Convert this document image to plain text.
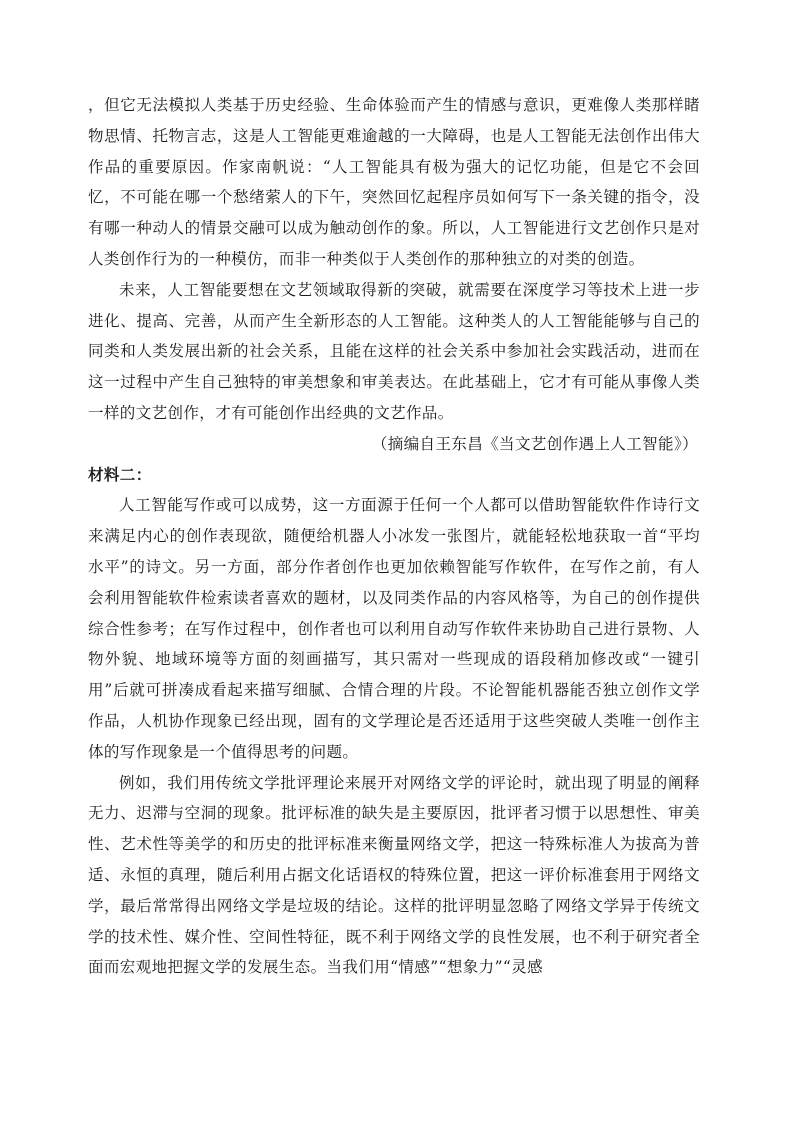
，但它无法模拟人类基于历史经验、生命体验而产生的情感与意识，更难像人类那样睹物思情、托物言志，这是人工智能更难逾越的一大障碍，也是人工智能无法创作出伟大作品的重要原因。作家南帆说：“人工智能具有极为强大的记忆功能，但是它不会回忆，不可能在哪一个愁绪萦人的下午，突然回忆起程序员如何写下一条关键的指令，没有哪一种动人的情景交融可以成为触动创作的象。所以，人工智能进行文艺创作只是对人类创作行为的一种模仿，而非一种类似于人类创作的那种独立的对类的创造。

未来，人工智能要想在文艺领域取得新的突破，就需要在深度学习等技术上进一步进化、提高、完善，从而产生全新形态的人工智能。这种类人的人工智能能够与自己的同类和人类发展出新的社会关系，且能在这样的社会关系中参加社会实践活动，进而在这一过程中产生自己独特的审美想象和审美表达。在此基础上，它才有可能从事像人类一样的文艺创作，才有可能创作出经典的文艺作品。

（摘编自王东昌《当文艺创作遇上人工智能》）

材料二：

人工智能写作或可以成势，这一方面源于任何一个人都可以借助智能软件作诗行文来满足内心的创作表现欲，随便给机器人小冰发一张图片，就能轻松地获取一首“平均水平”的诗文。另一方面，部分作者创作也更加依赖智能写作软件，在写作之前，有人会利用智能软件检索读者喜欢的题材，以及同类作品的内容风格等，为自己的创作提供综合性参考；在写作过程中，创作者也可以利用自动写作软件来协助自己进行景物、人物外貌、地域环境等方面的刻画描写，其只需对一些现成的语段稍加修改或“一键引用”后就可拼凑成看起来描写细腻、合情合理的片段。不论智能机器能否独立创作文学作品，人机协作现象已经出现，固有的文学理论是否还适用于这些突破人类唯一创作主体的写作现象是一个值得思考的问题。

例如，我们用传统文学批评理论来展开对网络文学的评论时，就出现了明显的阐释无力、迟滞与空洞的现象。批评标准的缺失是主要原因，批评者习惯于以思想性、审美性、艺术性等美学的和历史的批评标准来衡量网络文学，把这一特殊标准人为拔高为普适、永恒的真理，随后利用占据文化话语权的特殊位置，把这一评价标准套用于网络文学，最后常常得出网络文学是垃圾的结论。这样的批评明显忽略了网络文学异于传统文学的技术性、媒介性、空间性特征，既不利于网络文学的良性发展，也不利于研究者全面而宏观地把握文学的发展生态。当我们用“情感”“想象力”“灵感
